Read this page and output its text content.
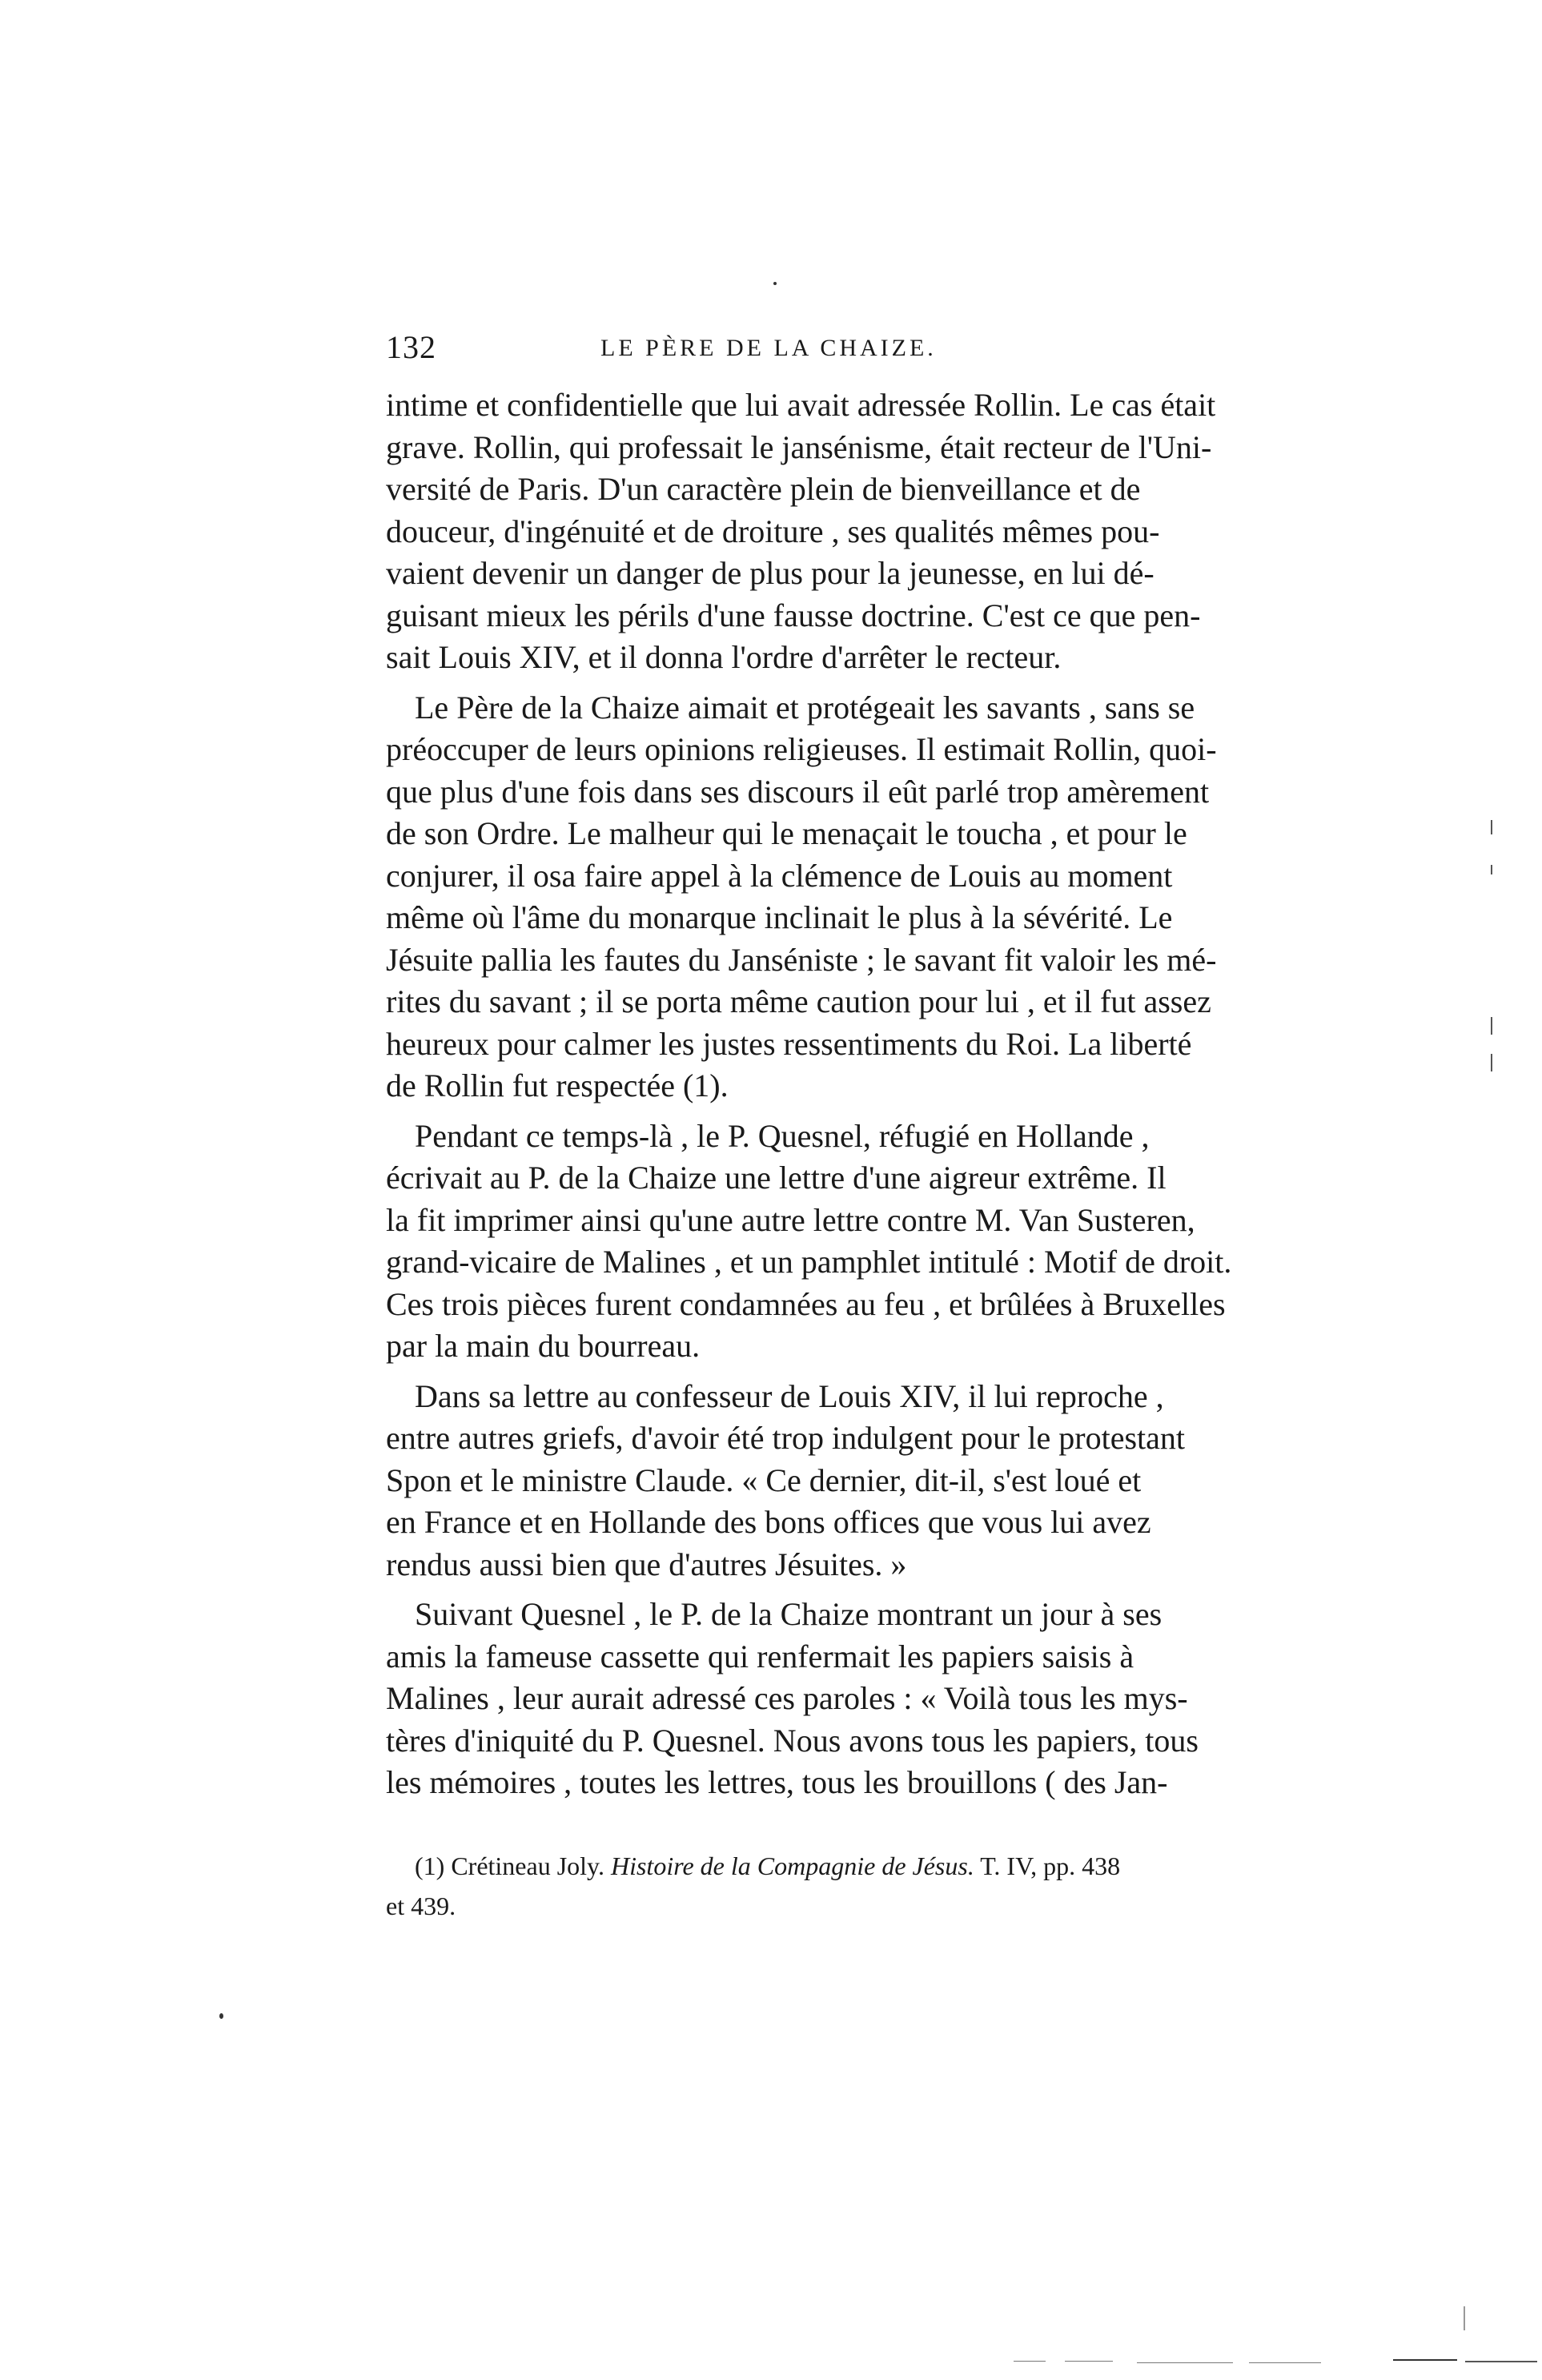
132	LE PÈRE DE LA CHAIZE.

intime et confidentielle que lui avait adressée Rollin. Le cas était
grave. Rollin, qui professait le jansénisme, était recteur de l'Uni-
versité de Paris. D'un caractère plein de bienveillance et de
douceur, d'ingénuité et de droiture , ses qualités mêmes pou-
vaient devenir un danger de plus pour la jeunesse, en lui dé-
guisant mieux les périls d'une fausse doctrine. C'est ce que pen-
sait Louis XIV, et il donna l'ordre d'arrêter le recteur.

Le Père de la Chaize aimait et protégeait les savants , sans se
préoccuper de leurs opinions religieuses. Il estimait Rollin, quoi-
que plus d'une fois dans ses discours il eût parlé trop amèrement
de son Ordre. Le malheur qui le menaçait le toucha , et pour le
conjurer, il osa faire appel à la clémence de Louis au moment
même où l'âme du monarque inclinait le plus à la sévérité. Le
Jésuite pallia les fautes du Janséniste ; le savant fit valoir les mé-
rites du savant ; il se porta même caution pour lui , et il fut assez
heureux pour calmer les justes ressentiments du Roi. La liberté
de Rollin fut respectée (1).

Pendant ce temps-là , le P. Quesnel, réfugié en Hollande ,
écrivait au P. de la Chaize une lettre d'une aigreur extrême. Il
la fit imprimer ainsi qu'une autre lettre contre M. Van Susteren,
grand-vicaire de Malines , et un pamphlet intitulé : Motif de droit.
Ces trois pièces furent condamnées au feu , et brûlées à Bruxelles
par la main du bourreau.

Dans sa lettre au confesseur de Louis XIV, il lui reproche ,
entre autres griefs, d'avoir été trop indulgent pour le protestant
Spon et le ministre Claude. « Ce dernier, dit-il, s'est loué et
en France et en Hollande des bons offices que vous lui avez
rendus aussi bien que d'autres Jésuites. »

Suivant Quesnel , le P. de la Chaize montrant un jour à ses
amis la fameuse cassette qui renfermait les papiers saisis à
Malines , leur aurait adressé ces paroles : « Voilà tous les mys-
tères d'iniquité du P. Quesnel. Nous avons tous les papiers, tous
les mémoires , toutes les lettres, tous les brouillons ( des Jan-

(1) Crétineau Joly. Histoire de la Compagnie de Jésus. T. IV, pp. 438
et 439.
